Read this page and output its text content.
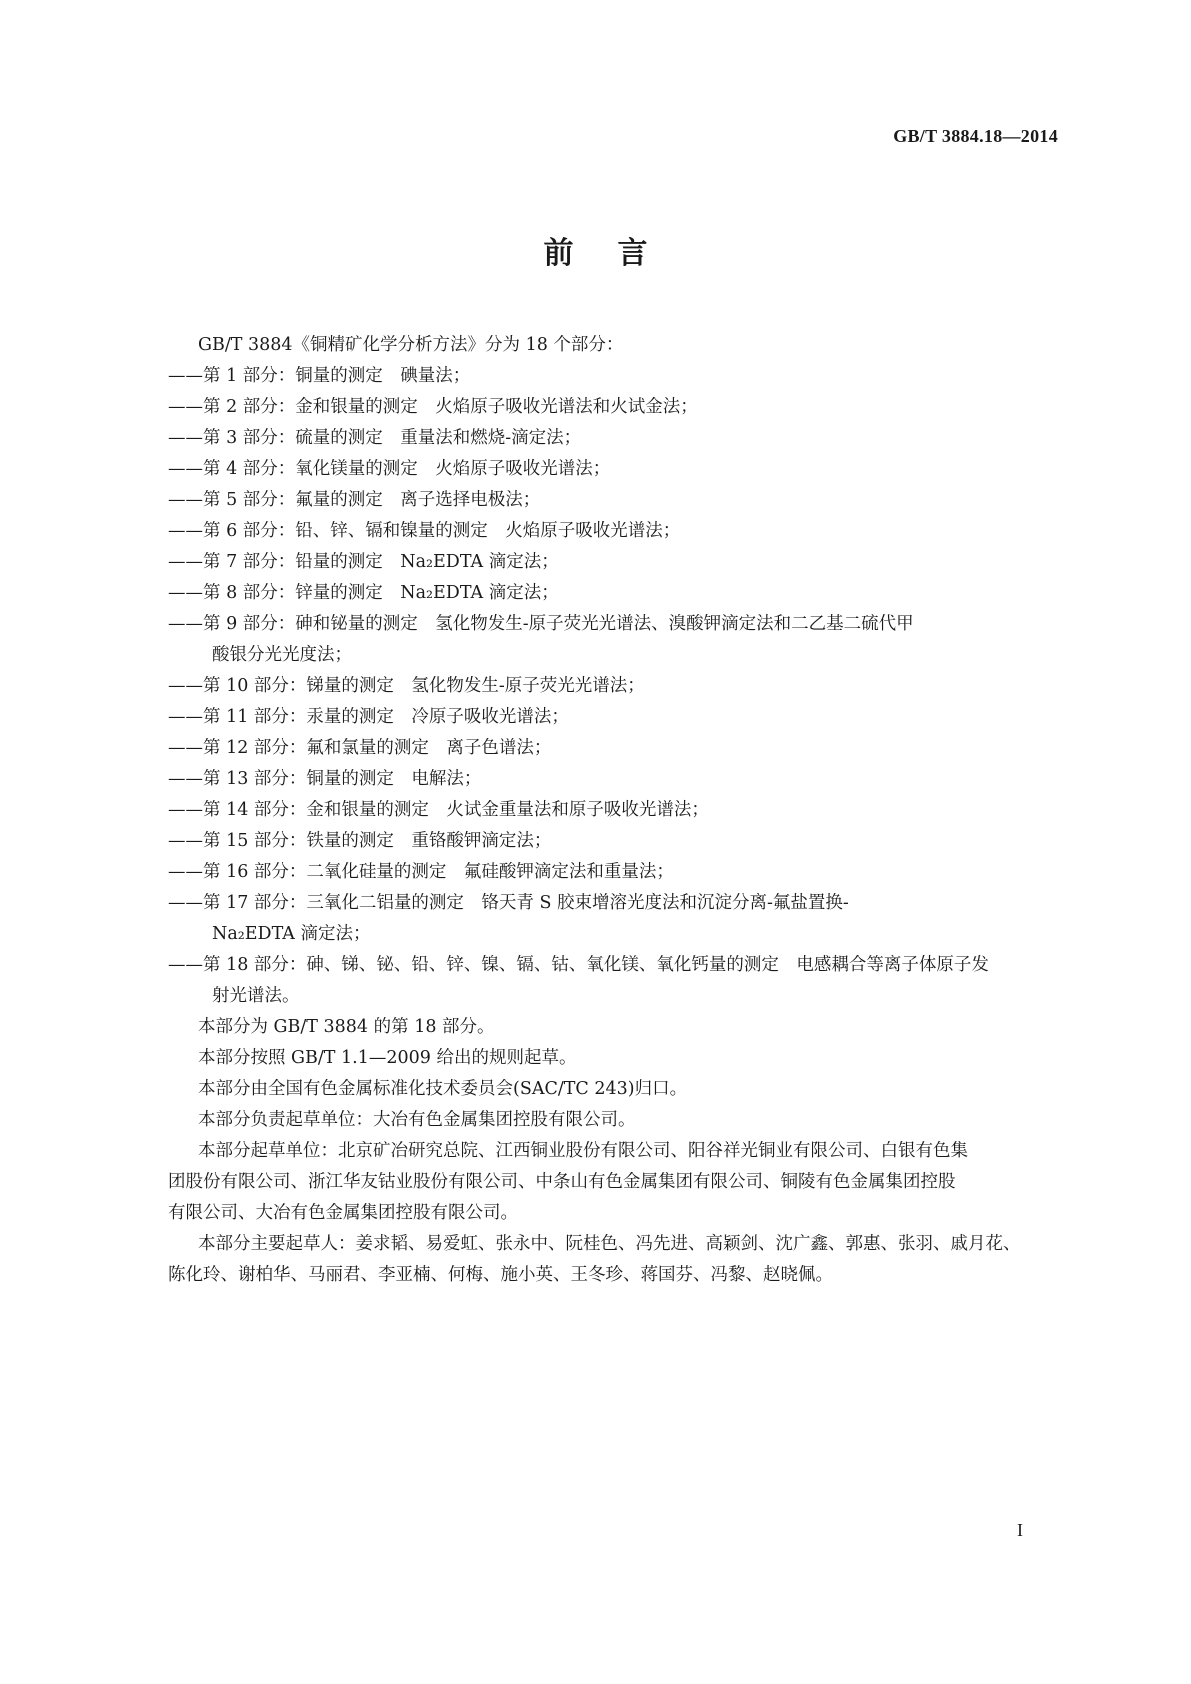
GB/T 3884.18—2014
前言
GB/T 3884《铜精矿化学分析方法》分为 18 个部分：
——第 1 部分：铜量的测定　碘量法；
——第 2 部分：金和银量的测定　火焰原子吸收光谱法和火试金法；
——第 3 部分：硫量的测定　重量法和燃烧-滴定法；
——第 4 部分：氧化镁量的测定　火焰原子吸收光谱法；
——第 5 部分：氟量的测定　离子选择电极法；
——第 6 部分：铅、锌、镉和镍量的测定　火焰原子吸收光谱法；
——第 7 部分：铅量的测定　Na₂EDTA 滴定法；
——第 8 部分：锌量的测定　Na₂EDTA 滴定法；
——第 9 部分：砷和铋量的测定　氢化物发生-原子荧光光谱法、溴酸钾滴定法和二乙基二硫代甲
酸银分光光度法；
——第 10 部分：锑量的测定　氢化物发生-原子荧光光谱法；
——第 11 部分：汞量的测定　冷原子吸收光谱法；
——第 12 部分：氟和氯量的测定　离子色谱法；
——第 13 部分：铜量的测定　电解法；
——第 14 部分：金和银量的测定　火试金重量法和原子吸收光谱法；
——第 15 部分：铁量的测定　重铬酸钾滴定法；
——第 16 部分：二氧化硅量的测定　氟硅酸钾滴定法和重量法；
——第 17 部分：三氧化二铝量的测定　铬天青 S 胶束增溶光度法和沉淀分离-氟盐置换-
Na₂EDTA 滴定法；
——第 18 部分：砷、锑、铋、铅、锌、镍、镉、钴、氧化镁、氧化钙量的测定　电感耦合等离子体原子发
射光谱法。
本部分为 GB/T 3884 的第 18 部分。
本部分按照 GB/T 1.1—2009 给出的规则起草。
本部分由全国有色金属标准化技术委员会(SAC/TC 243)归口。
本部分负责起草单位：大冶有色金属集团控股有限公司。
本部分起草单位：北京矿冶研究总院、江西铜业股份有限公司、阳谷祥光铜业有限公司、白银有色集
团股份有限公司、浙江华友钴业股份有限公司、中条山有色金属集团有限公司、铜陵有色金属集团控股
有限公司、大冶有色金属集团控股有限公司。
本部分主要起草人：姜求韬、易爱虹、张永中、阮桂色、冯先进、高颖剑、沈广鑫、郭惠、张羽、戚月花、
陈化玲、谢柏华、马丽君、李亚楠、何梅、施小英、王冬珍、蒋国芬、冯黎、赵晓佩。
I
